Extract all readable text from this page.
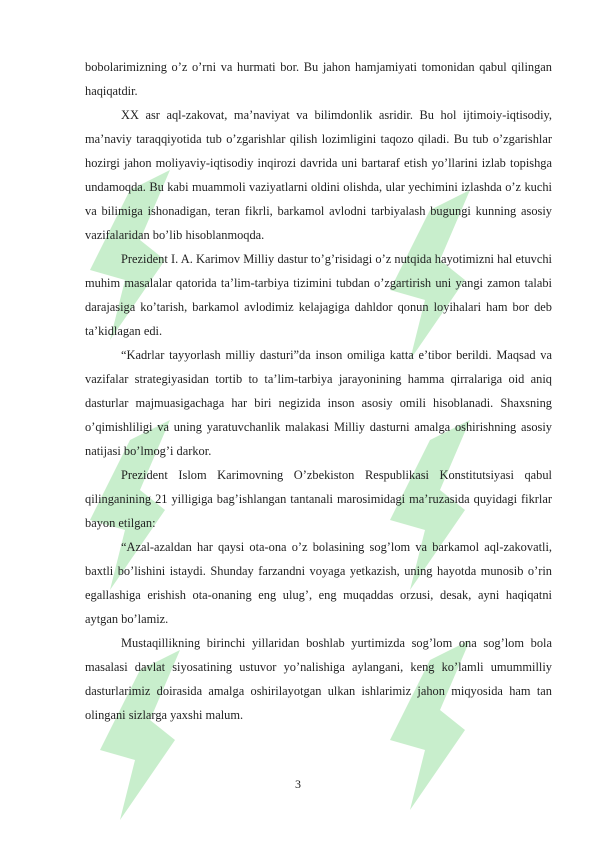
bobolarimizning o’z o’rni va hurmati bor. Bu jahon hamjamiyati tomonidan qabul qilingan haqiqatdir.

XX asr aql-zakovat, ma’naviyat va bilimdonlik asridir. Bu hol ijtimoiy-iqtisodiy, ma’naviy taraqqiyotida tub o’zgarishlar qilish lozimligini taqozo qiladi. Bu tub o’zgarishlar hozirgi jahon moliyaviy-iqtisodiy inqirozi davrida uni bartaraf etish yo’llarini izlab topishga undamoqda. Bu kabi muammoli vaziyatlarni oldini olishda, ular yechimini izlashda o’z kuchi va bilimiga ishonadigan, teran fikrli, barkamol avlodni tarbiyalash bugungi kunning asosiy vazifalaridan bo’lib hisoblanmoqda.

Prezident I. A. Karimov Milliy dastur to’g’risidagi o’z nutqida hayotimizni hal etuvchi muhim masalalar qatorida ta’lim-tarbiya tizimini tubdan o’zgartirish uni yangi zamon talabi darajasiga ko’tarish, barkamol avlodimiz kelajagiga dahldor qonun loyihalari ham bor deb ta’kidlagan edi.

“Kadrlar tayyorlash milliy dasturi”da inson omiliga katta e’tibor berildi. Maqsad va vazifalar strategiyasidan tortib to ta’lim-tarbiya jarayonining hamma qirralariga oid aniq dasturlar majmuasigachaga har biri negizida inson asosiy omili hisoblanadi. Shaxsning o’qimishliligi va uning yaratuvchanlik malakasi Milliy dasturni amalga oshirishning asosiy natijasi bo’lmog’i darkor.

Prezident Islom Karimovning O’zbekiston Respublikasi Konstitutsiyasi qabul qilinganining 21 yilligiga bag’ishlangan tantanali marosimidagi ma’ruzasida quyidagi fikrlar bayon etilgan:

“Azal-azaldan har qaysi ota-ona o’z bolasining sog’lom va barkamol aql-zakovatli, baxtli bo’lishini istaydi. Shunday farzandni voyaga yetkazish, uning hayotda munosib o’rin egallashiga erishish ota-onaning eng ulug’, eng muqaddas orzusi, desak, ayni haqiqatni aytgan bo’lamiz.

Mustaqillikning birinchi yillaridan boshlab yurtimizda sog’lom ona sog’lom bola masalasi davlat siyosatining ustuvor yo’nalishiga aylangani, keng ko’lamli umummilliy dasturlarimiz doirasida amalga oshirilayotgan ulkan ishlarimiz jahon miqyosida ham tan olingani sizlarga yaxshi malum.

3
